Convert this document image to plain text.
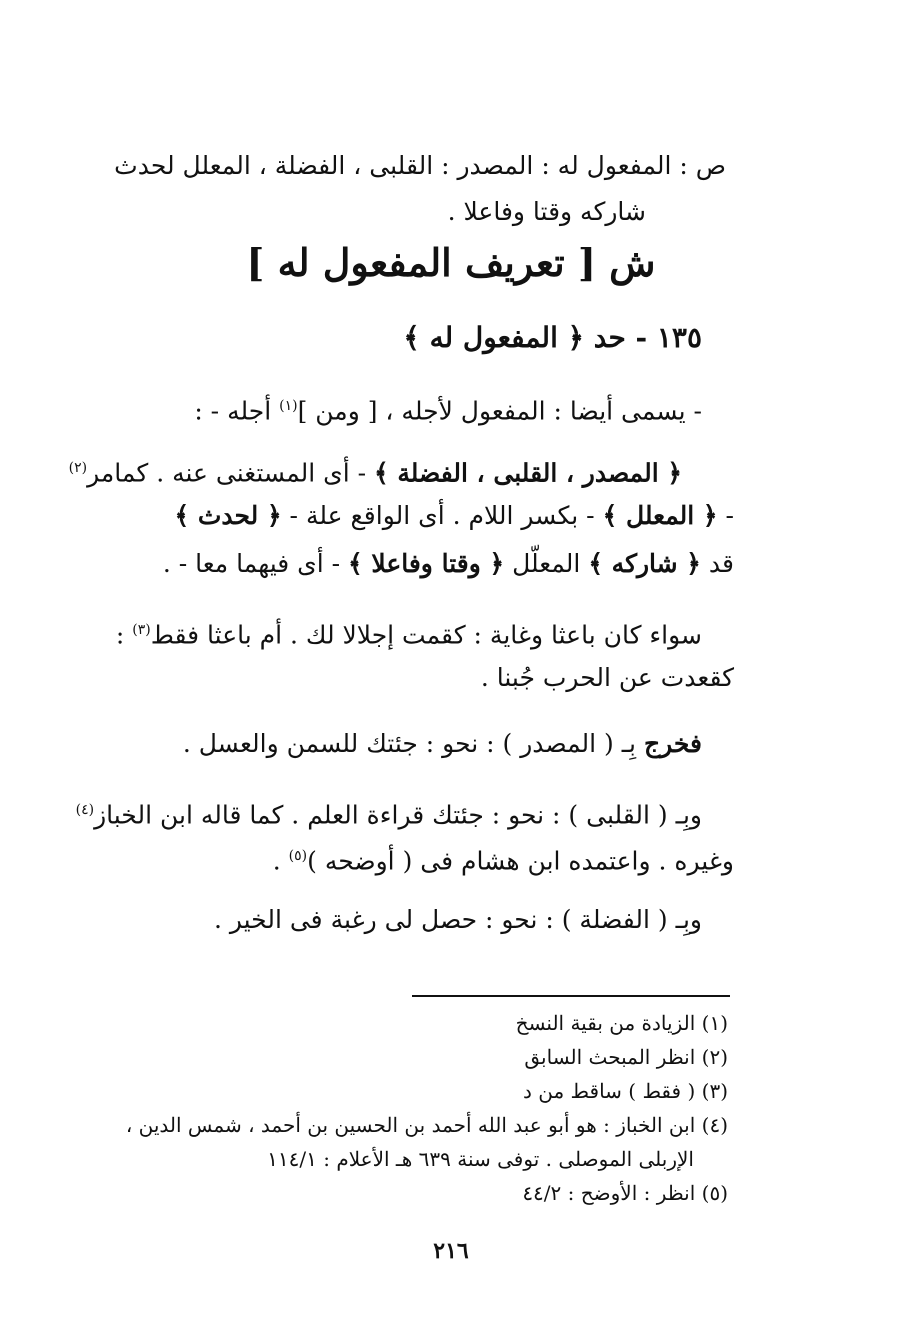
ص : المفعول له : المصدر : القلبى ، الفضلة ، المعلل لحدث
شاركه وقتا وفاعلا .
ش [ تعريف المفعول له ]
١٣٥ - حد ﴿ المفعول له ﴾
- يسمى أيضا : المفعول لأجله ، [ ومن ]$^{(١)}$ أجله - :
﴿ المصدر ، القلبى ، الفضلة ﴾ - أى المستغنى عنه . كمامر$^{(٢)}$
- ﴿ المعلل ﴾ - بكسر اللام . أى الواقع علة - ﴿ لحدث ﴾
قد ﴿ شاركه ﴾ المعلّل ﴿ وقتا وفاعلا ﴾ - أى فيهما معا - .
سواء كان باعثا وغاية : كقمت إجلالا لك . أم باعثا فقط$^{(٣)}$ :
كقعدت عن الحرب جُبنا .
فخرج بِـ ( المصدر ) : نحو : جئتك للسمن والعسل .
وبِـ ( القلبى ) : نحو : جئتك قراءة العلم . كما قاله ابن الخباز$^{(٤)}$
وغيره . واعتمده ابن هشام فى ( أوضحه )$^{(٥)}$ .
وبِـ ( الفضلة ) : نحو : حصل لى رغبة فى الخير .
(١) الزيادة من بقية النسخ
(٢) انظر المبحث السابق
(٣) ( فقط ) ساقط من د
(٤) ابن الخباز : هو أبو عبد الله أحمد بن الحسين بن أحمد ، شمس الدين ،
الإربلى الموصلى . توفى سنة ٦٣٩ هـ الأعلام : ١١٤/١
(٥) انظر : الأوضح : ٤٤/٢
٢١٦
